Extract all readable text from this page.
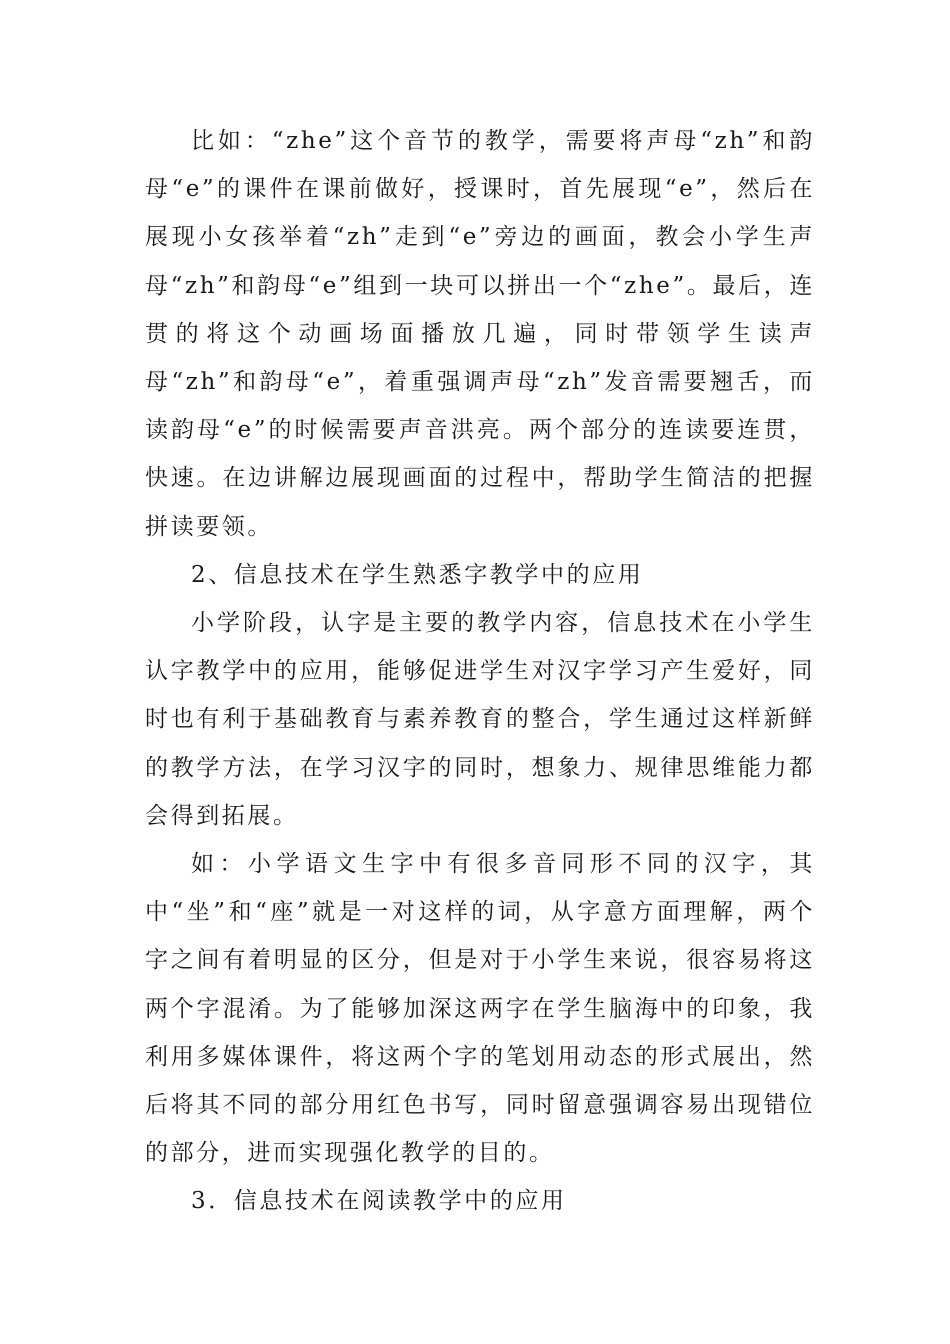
比如：“zhe”这个音节的教学，需要将声母“zh”和韵母“e”的课件在课前做好，授课时，首先展现“e”，然后在展现小女孩举着“zh”走到“e”旁边的画面，教会小学生声母“zh”和韵母“e”组到一块可以拼出一个“zhe”。最后，连贯的将这个动画场面播放几遍，同时带领学生读声母“zh”和韵母“e”，着重强调声母“zh”发音需要翘舌，而读韵母“e”的时候需要声音洪亮。两个部分的连读要连贯，快速。在边讲解边展现画面的过程中，帮助学生简洁的把握拼读要领。

2、信息技术在学生熟悉字教学中的应用

小学阶段，认字是主要的教学内容，信息技术在小学生认字教学中的应用，能够促进学生对汉字学习产生爱好，同时也有利于基础教育与素养教育的整合，学生通过这样新鲜的教学方法，在学习汉字的同时，想象力、规律思维能力都会得到拓展。

如：小学语文生字中有很多音同形不同的汉字，其中“坐”和“座”就是一对这样的词，从字意方面理解，两个字之间有着明显的区分，但是对于小学生来说，很容易将这两个字混淆。为了能够加深这两字在学生脑海中的印象，我利用多媒体课件，将这两个字的笔划用动态的形式展出，然后将其不同的部分用红色书写，同时留意强调容易出现错位的部分，进而实现强化教学的目的。

3．信息技术在阅读教学中的应用
